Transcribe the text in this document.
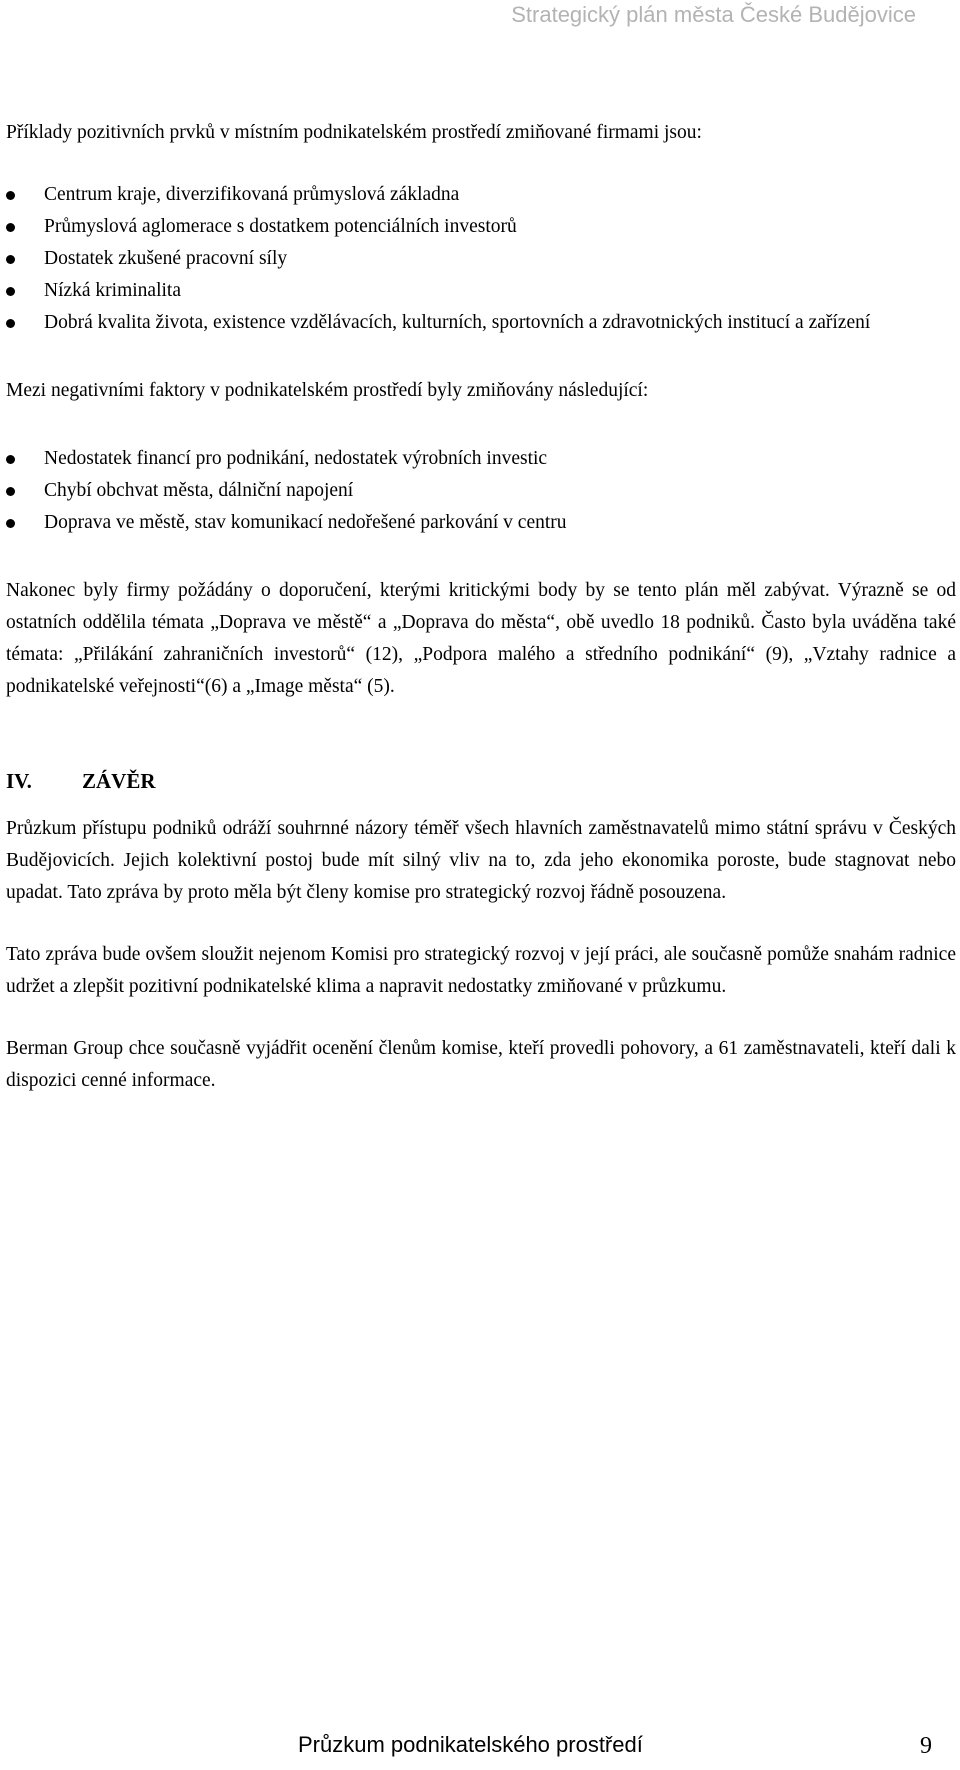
Strategický plán města České Budějovice

Příklady pozitivních prvků v místním podnikatelském prostředí zmiňované firmami jsou:

Centrum kraje, diverzifikovaná průmyslová základna
Průmyslová aglomerace s dostatkem potenciálních investorů
Dostatek zkušené pracovní síly
Nízká kriminalita
Dobrá kvalita života, existence vzdělávacích, kulturních, sportovních a zdravotnických institucí a zařízení

Mezi negativními faktory v podnikatelském prostředí byly zmiňovány následující:

Nedostatek financí pro podnikání, nedostatek výrobních investic
Chybí obchvat města, dálniční napojení
Doprava ve městě, stav komunikací nedořešené parkování v centru

Nakonec byly firmy požádány o doporučení, kterými kritickými body by se tento plán měl zabývat. Výrazně se od ostatních oddělila témata „Doprava ve městě“ a „Doprava do města“, obě uvedlo 18 podniků. Často byla uváděna také témata: „Přilákání zahraničních investorů“ (12), „Podpora malého a středního podnikání“ (9), „Vztahy radnice a podnikatelské veřejnosti“(6) a „Image města“ (5).

IV.	ZÁVĚR

Průzkum přístupu podniků odráží souhrnné názory téměř všech hlavních zaměstnavatelů mimo státní správu v Českých Budějovicích. Jejich kolektivní postoj bude mít silný vliv na to, zda jeho ekonomika poroste, bude stagnovat nebo upadat. Tato zpráva by proto měla být členy komise pro strategický rozvoj řádně posouzena.

Tato zpráva bude ovšem sloužit nejenom Komisi pro strategický rozvoj v její práci, ale současně pomůže snahám radnice udržet a zlepšit pozitivní podnikatelské klima a napravit nedostatky zmiňované v průzkumu.

Berman Group chce současně vyjádřit ocenění členům komise, kteří provedli pohovory, a 61 zaměstnavateli, kteří dali k dispozici cenné informace.

Průzkum podnikatelského prostředí	9
